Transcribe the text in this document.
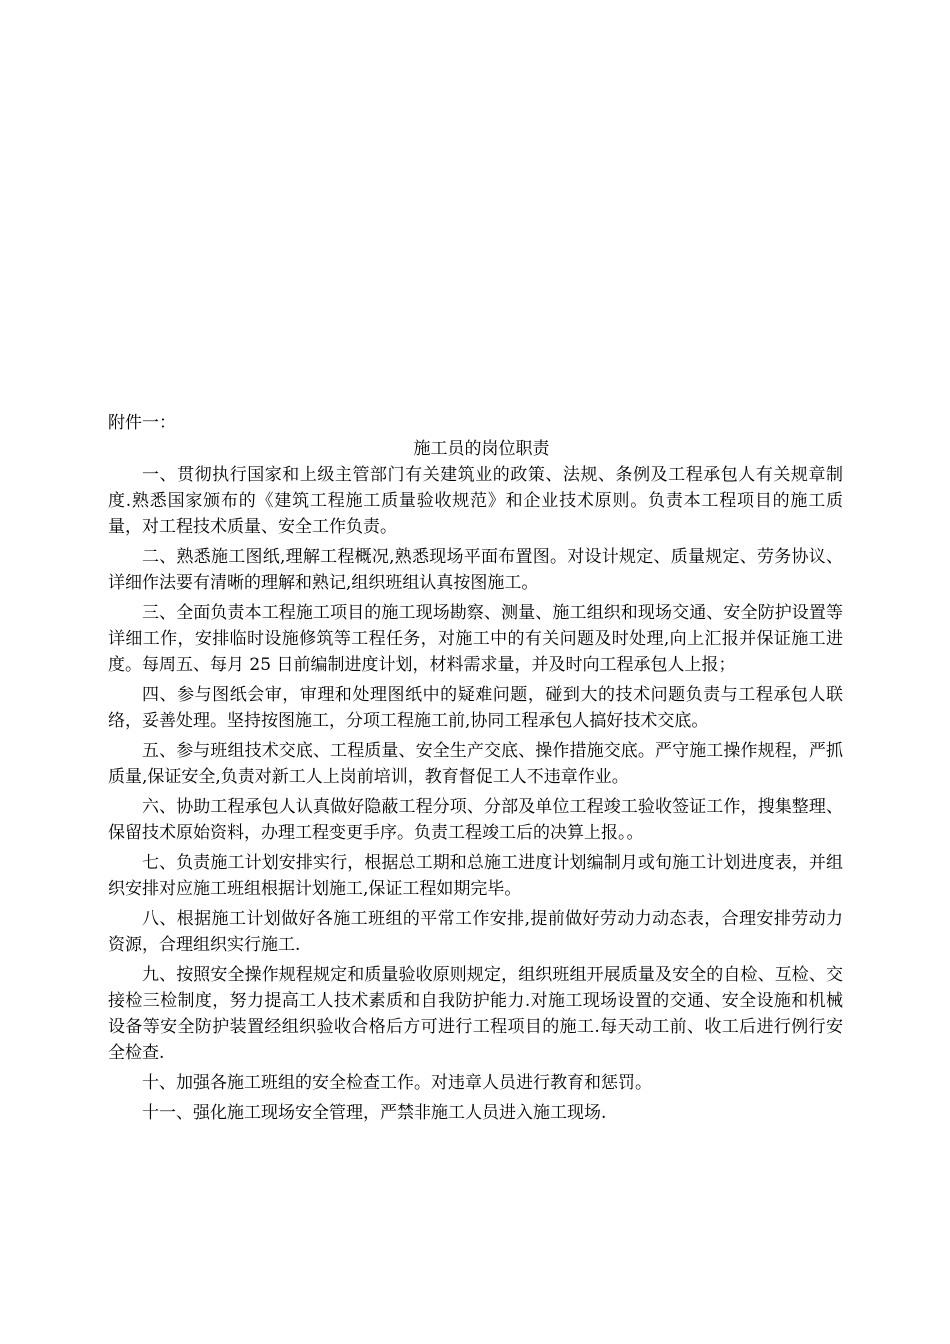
附件一：

施工员的岗位职责

一、贯彻执行国家和上级主管部门有关建筑业的政策、法规、条例及工程承包人有关规章制度.熟悉国家颁布的《建筑工程施工质量验收规范》和企业技术原则。负责本工程项目的施工质量，对工程技术质量、安全工作负责。

二、熟悉施工图纸,理解工程概况,熟悉现场平面布置图。对设计规定、质量规定、劳务协议、详细作法要有清晰的理解和熟记,组织班组认真按图施工。

三、全面负责本工程施工项目的施工现场勘察、测量、施工组织和现场交通、安全防护设置等详细工作，安排临时设施修筑等工程任务，对施工中的有关问题及时处理,向上汇报并保证施工进度。每周五、每月 25 日前编制进度计划，材料需求量，并及时向工程承包人上报；

四、参与图纸会审，审理和处理图纸中的疑难问题，碰到大的技术问题负责与工程承包人联络，妥善处理。坚持按图施工，分项工程施工前,协同工程承包人搞好技术交底。

五、参与班组技术交底、工程质量、安全生产交底、操作措施交底。严守施工操作规程，严抓质量,保证安全,负责对新工人上岗前培训，教育督促工人不违章作业。

六、协助工程承包人认真做好隐蔽工程分项、分部及单位工程竣工验收签证工作，搜集整理、保留技术原始资料，办理工程变更手序。负责工程竣工后的决算上报。。

七、负责施工计划安排实行，根据总工期和总施工进度计划编制月或旬施工计划进度表，并组织安排对应施工班组根据计划施工,保证工程如期完毕。

八、根据施工计划做好各施工班组的平常工作安排,提前做好劳动力动态表，合理安排劳动力资源，合理组织实行施工.

九、按照安全操作规程规定和质量验收原则规定，组织班组开展质量及安全的自检、互检、交接检三检制度，努力提高工人技术素质和自我防护能力.对施工现场设置的交通、安全设施和机械设备等安全防护装置经组织验收合格后方可进行工程项目的施工.每天动工前、收工后进行例行安全检查.

十、加强各施工班组的安全检查工作。对违章人员进行教育和惩罚。

十一、强化施工现场安全管理，严禁非施工人员进入施工现场.
